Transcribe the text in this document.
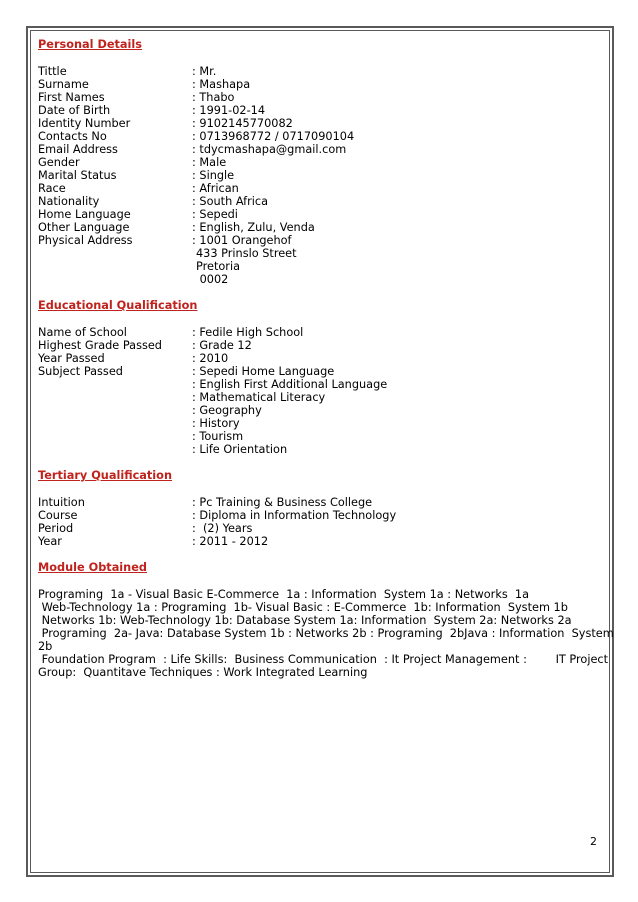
Personal Details

Tittle	: Mr.
Surname	: Mashapa
First Names	: Thabo
Date of Birth	: 1991-02-14
Identity Number	: 9102145770082
Contacts No	: 0713968772 / 0717090104
Email Address	: tdycmashapa@gmail.com
Gender	: Male
Marital Status	: Single
Race	: African
Nationality	: South Africa
Home Language	: Sepedi
Other Language	: English, Zulu, Venda
Physical Address	: 1001 Orangehof
433 Prinslo Street
Pretoria
0002

Educational Qualification

Name of School	: Fedile High School
Highest Grade Passed	: Grade 12
Year Passed	: 2010
Subject Passed	: Sepedi Home Language
: English First Additional Language
: Mathematical Literacy
: Geography
: History
: Tourism
: Life Orientation

Tertiary Qualification

Intuition	: Pc Training & Business College
Course	: Diploma in Information Technology
Period	:  (2) Years
Year	: 2011 - 2012

Module Obtained

Programing  1a - Visual Basic E-Commerce  1a : Information  System 1a : Networks  1a
Web-Technology 1a : Programing  1b- Visual Basic : E-Commerce  1b: Information  System 1b
Networks 1b: Web-Technology 1b: Database System 1a: Information  System 2a: Networks 2a
Programing  2a- Java: Database System 1b : Networks 2b : Programing  2bJava : Information  System
2b
Foundation Program  : Life Skills:  Business Communication  : It Project Management :        IT Project
Group:  Quantitave Techniques : Work Integrated Learning
2
